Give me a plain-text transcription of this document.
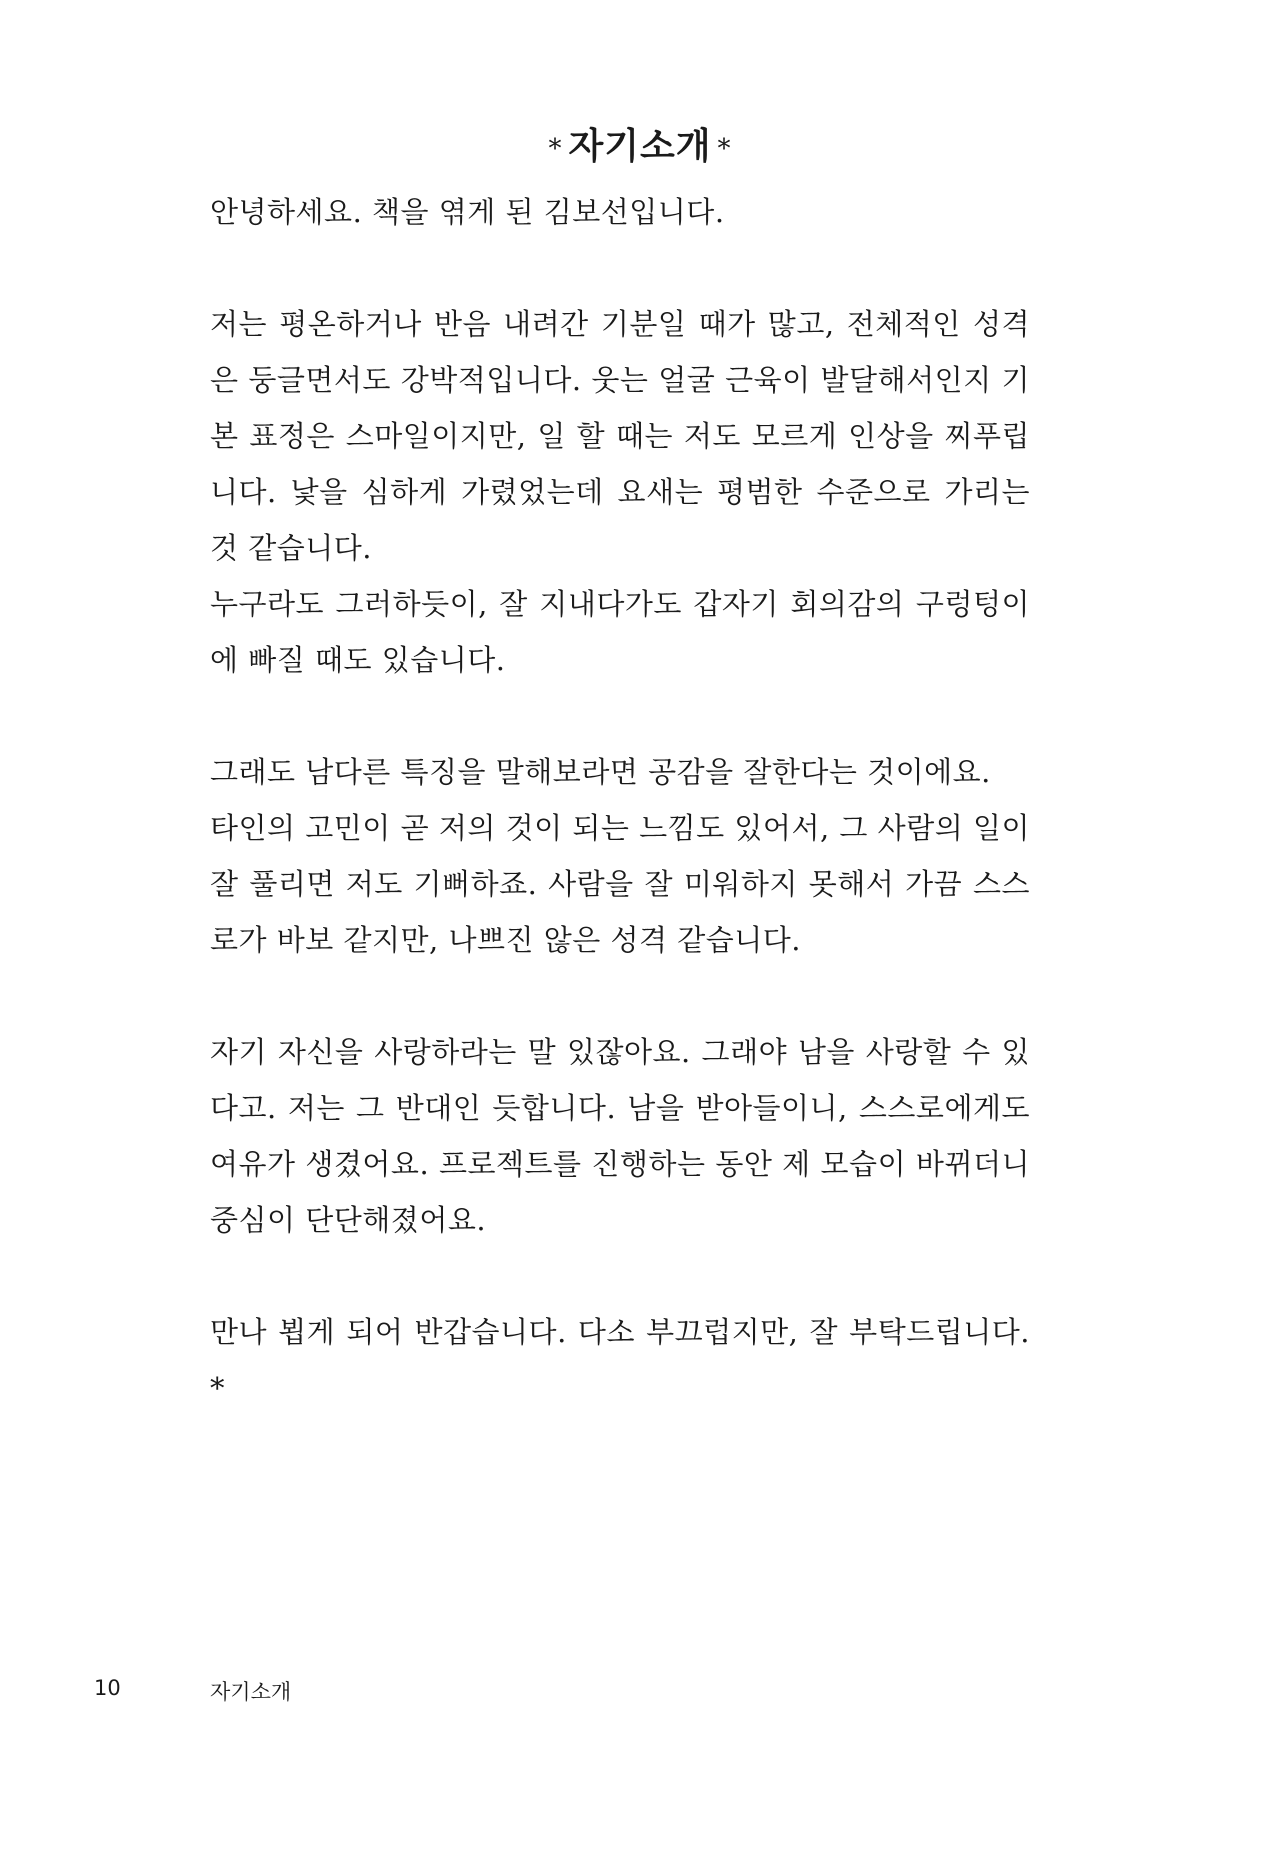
* 자기소개 *

안녕하세요. 책을 엮게 된 김보선입니다.

저는 평온하거나 반음 내려간 기분일 때가 많고, 전체적인 성격은 둥글면서도 강박적입니다. 웃는 얼굴 근육이 발달해서인지 기본 표정은 스마일이지만, 일 할 때는 저도 모르게 인상을 찌푸립니다. 낯을 심하게 가렸었는데 요새는 평범한 수준으로 가리는 것 같습니다.

누구라도 그러하듯이, 잘 지내다가도 갑자기 회의감의 구렁텅이에 빠질 때도 있습니다.

그래도 남다른 특징을 말해보라면 공감을 잘한다는 것이에요.

타인의 고민이 곧 저의 것이 되는 느낌도 있어서, 그 사람의 일이 잘 풀리면 저도 기뻐하죠. 사람을 잘 미워하지 못해서 가끔 스스로가 바보 같지만, 나쁘진 않은 성격 같습니다.

자기 자신을 사랑하라는 말 있잖아요. 그래야 남을 사랑할 수 있다고. 저는 그 반대인 듯합니다. 남을 받아들이니, 스스로에게도 여유가 생겼어요. 프로젝트를 진행하는 동안 제 모습이 바뀌더니 중심이 단단해졌어요.

만나 뵙게 되어 반갑습니다. 다소 부끄럽지만, 잘 부탁드립니다. *

10	자기소개
